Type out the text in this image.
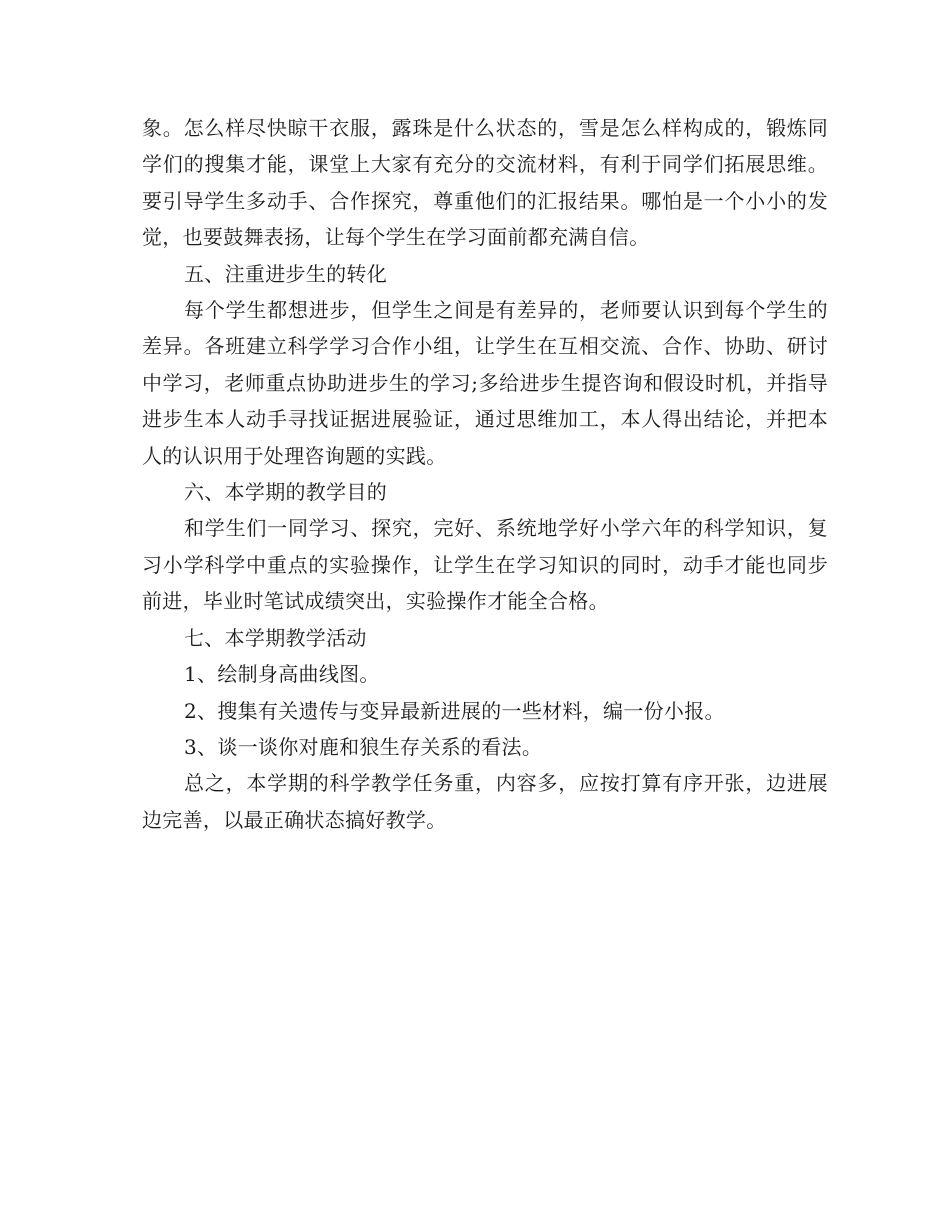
象。怎么样尽快晾干衣服，露珠是什么状态的，雪是怎么样构成的，锻炼同学们的搜集才能，课堂上大家有充分的交流材料，有利于同学们拓展思维。要引导学生多动手、合作探究，尊重他们的汇报结果。哪怕是一个小小的发觉，也要鼓舞表扬，让每个学生在学习面前都充满自信。

五、注重进步生的转化

每个学生都想进步，但学生之间是有差异的，老师要认识到每个学生的差异。各班建立科学学习合作小组，让学生在互相交流、合作、协助、研讨中学习，老师重点协助进步生的学习;多给进步生提咨询和假设时机，并指导进步生本人动手寻找证据进展验证，通过思维加工，本人得出结论，并把本人的认识用于处理咨询题的实践。

六、本学期的教学目的

和学生们一同学习、探究，完好、系统地学好小学六年的科学知识，复习小学科学中重点的实验操作，让学生在学习知识的同时，动手才能也同步前进，毕业时笔试成绩突出，实验操作才能全合格。

七、本学期教学活动

1、绘制身高曲线图。

2、搜集有关遗传与变异最新进展的一些材料，编一份小报。

3、谈一谈你对鹿和狼生存关系的看法。

总之，本学期的科学教学任务重，内容多，应按打算有序开张，边进展边完善，以最正确状态搞好教学。
